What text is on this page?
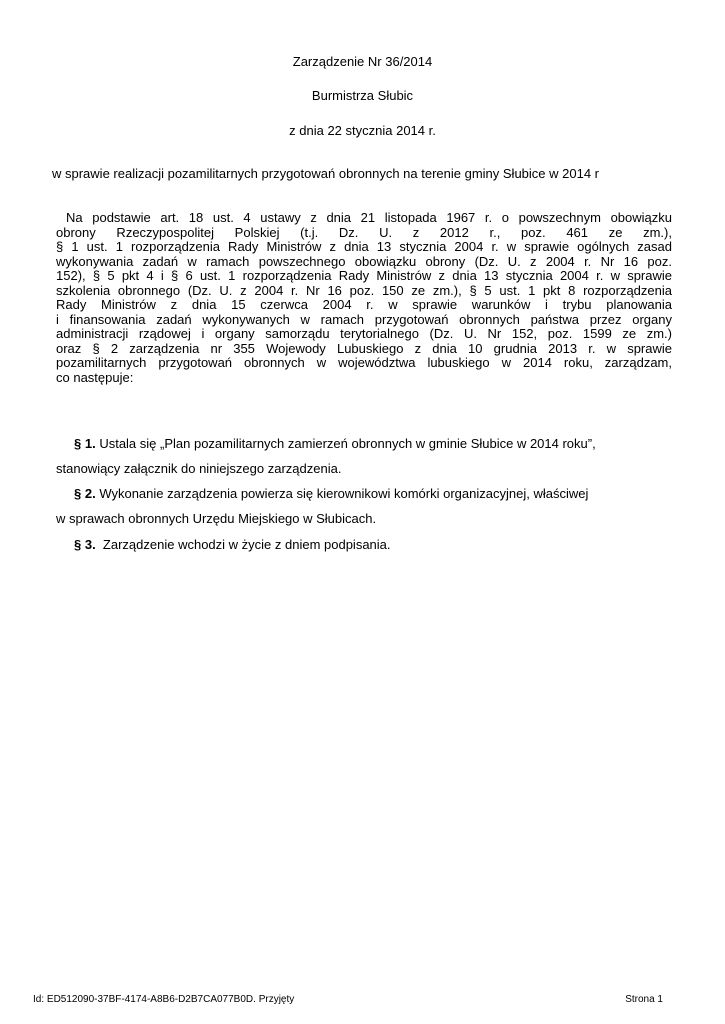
Zarządzenie Nr 36/2014
Burmistrza Słubic
z dnia 22 stycznia 2014 r.
w sprawie realizacji pozamilitarnych przygotowań obronnych na terenie gminy Słubice w 2014 r
Na podstawie art. 18 ust. 4 ustawy z dnia 21 listopada 1967 r. o powszechnym obowiązku
obrony Rzeczypospolitej Polskiej (t.j. Dz. U. z 2012 r., poz. 461 ze zm.),
§ 1 ust. 1 rozporządzenia Rady Ministrów z dnia 13 stycznia 2004 r. w sprawie ogólnych zasad
wykonywania zadań w ramach powszechnego obowiązku obrony (Dz. U. z 2004 r. Nr 16 poz.
152), § 5 pkt 4 i § 6 ust. 1 rozporządzenia Rady Ministrów z dnia 13 stycznia 2004 r. w sprawie
szkolenia obronnego (Dz. U. z 2004 r. Nr 16 poz. 150 ze zm.), § 5 ust. 1 pkt 8 rozporządzenia
Rady Ministrów z dnia 15 czerwca 2004 r. w sprawie warunków i trybu planowania
i finansowania zadań wykonywanych w ramach przygotowań obronnych państwa przez organy
administracji rządowej i organy samorządu terytorialnego (Dz. U. Nr 152, poz. 1599 ze zm.)
oraz § 2 zarządzenia nr 355 Wojewody Lubuskiego z dnia 10 grudnia 2013 r. w sprawie
pozamilitarnych przygotowań obronnych w województwa lubuskiego w 2014 roku, zarządzam,
co następuje:
§ 1. Ustala się „Plan pozamilitarnych zamierzeń obronnych w gminie Słubice w 2014 roku”,
stanowiący załącznik do niniejszego zarządzenia.
§ 2. Wykonanie zarządzenia powierza się kierownikowi komórki organizacyjnej, właściwej
w sprawach obronnych Urzędu Miejskiego w Słubicach.
§ 3. Zarządzenie wchodzi w życie z dniem podpisania.
Id: ED512090-37BF-4174-A8B6-D2B7CA077B0D. Przyjęty	Strona 1
